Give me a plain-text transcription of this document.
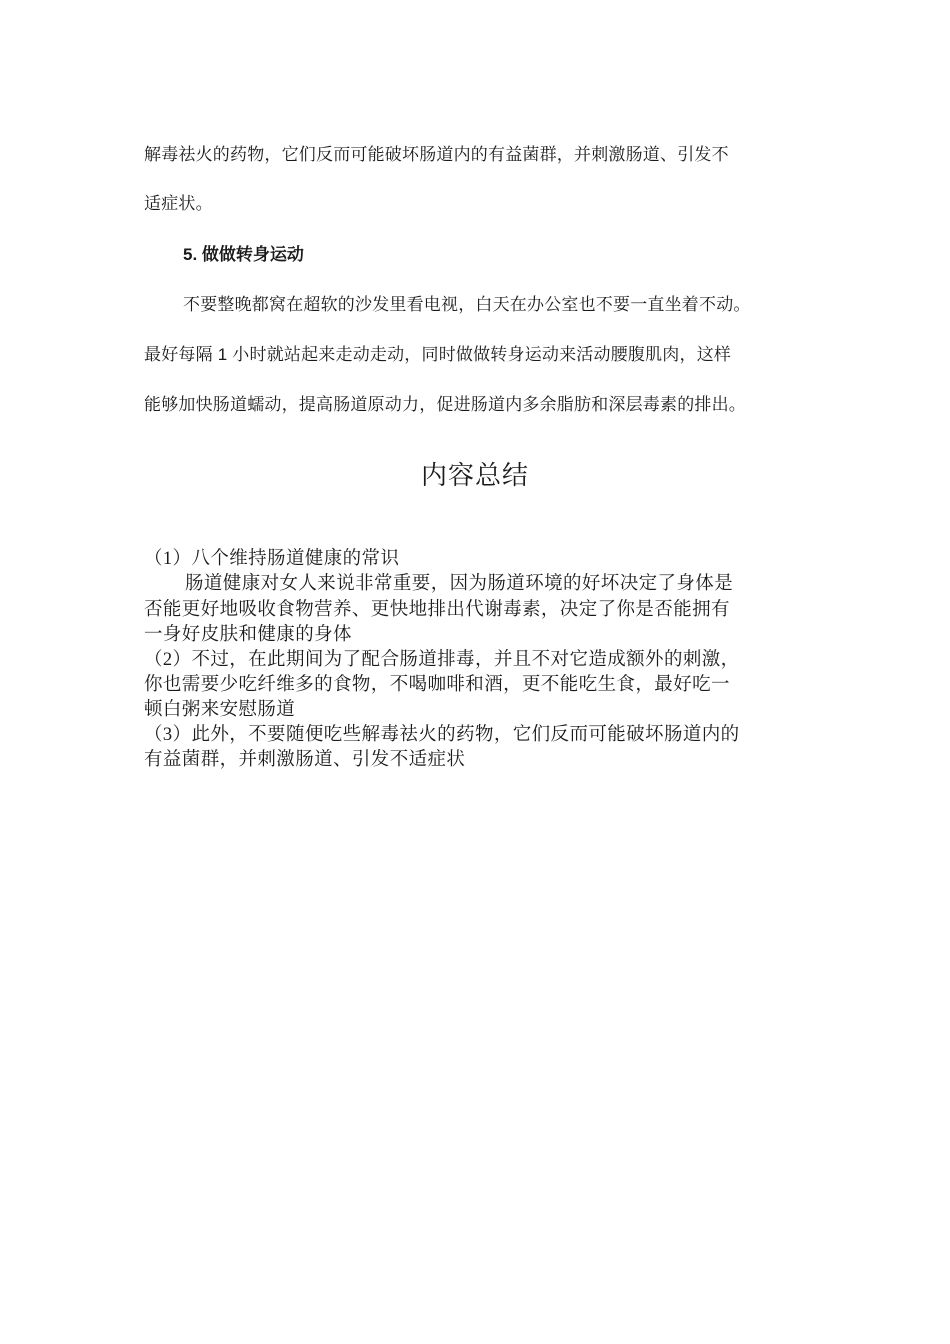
解毒祛火的药物，它们反而可能破坏肠道内的有益菌群，并刺激肠道、引发不

适症状。

5. 做做转身运动

不要整晚都窝在超软的沙发里看电视，白天在办公室也不要一直坐着不动。

最好每隔 1 小时就站起来走动走动，同时做做转身运动来活动腰腹肌肉，这样

能够加快肠道蠕动，提高肠道原动力，促进肠道内多余脂肪和深层毒素的排出。

内容总结

（1）八个维持肠道健康的常识

肠道健康对女人来说非常重要，因为肠道环境的好坏决定了身体是

否能更好地吸收食物营养、更快地排出代谢毒素，决定了你是否能拥有

一身好皮肤和健康的身体

（2）不过，在此期间为了配合肠道排毒，并且不对它造成额外的刺激，

你也需要少吃纤维多的食物，不喝咖啡和酒，更不能吃生食，最好吃一

顿白粥来安慰肠道

（3）此外，不要随便吃些解毒祛火的药物，它们反而可能破坏肠道内的

有益菌群，并刺激肠道、引发不适症状
